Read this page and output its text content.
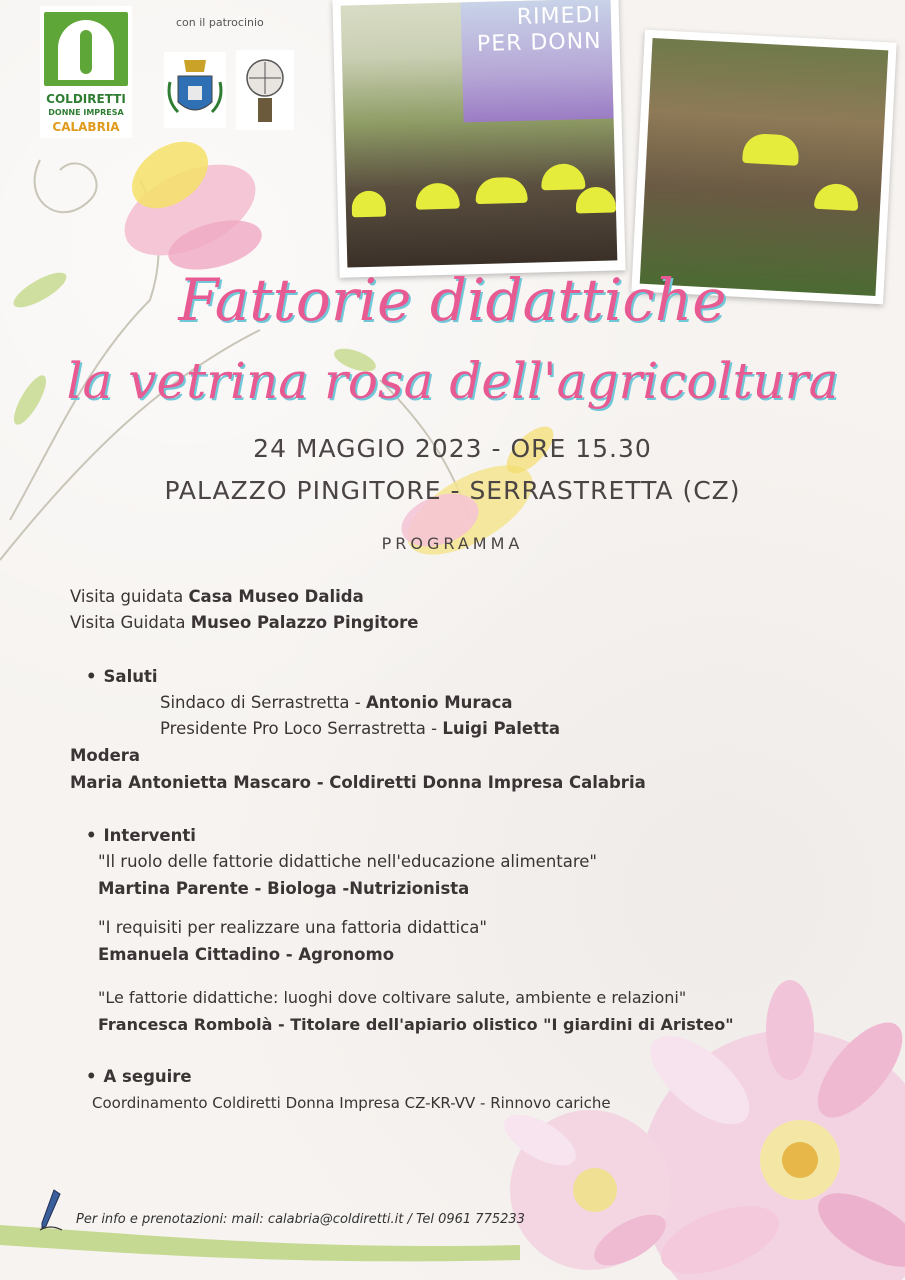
COLDIRETTI
DONNE IMPRESA
CALABRIA
con il patrocinio	RIMEDI
PER DONN
Fattorie didattiche
la vetrina rosa dell'agricoltura
24 MAGGIO 2023 - ORE 15.30
PALAZZO PINGITORE - SERRASTRETTA (CZ)
PROGRAMMA
Visita guidata Casa Museo Dalida
Visita Guidata Museo Palazzo Pingitore
• Saluti
Sindaco di Serrastretta - Antonio Muraca
Presidente Pro Loco Serrastretta - Luigi Paletta
Modera
Maria Antonietta Mascaro - Coldiretti Donna Impresa Calabria
• Interventi
"Il ruolo delle fattorie didattiche nell'educazione alimentare"
Martina Parente - Biologa -Nutrizionista
"I requisiti per realizzare una fattoria didattica"
Emanuela Cittadino - Agronomo
"Le fattorie didattiche: luoghi dove coltivare salute, ambiente e relazioni"
Francesca Rombolà - Titolare dell'apiario olistico "I giardini di Aristeo"
• A seguire
Coordinamento Coldiretti Donna Impresa CZ-KR-VV - Rinnovo cariche
Per info e prenotazioni: mail: calabria@coldiretti.it / Tel 0961 775233
